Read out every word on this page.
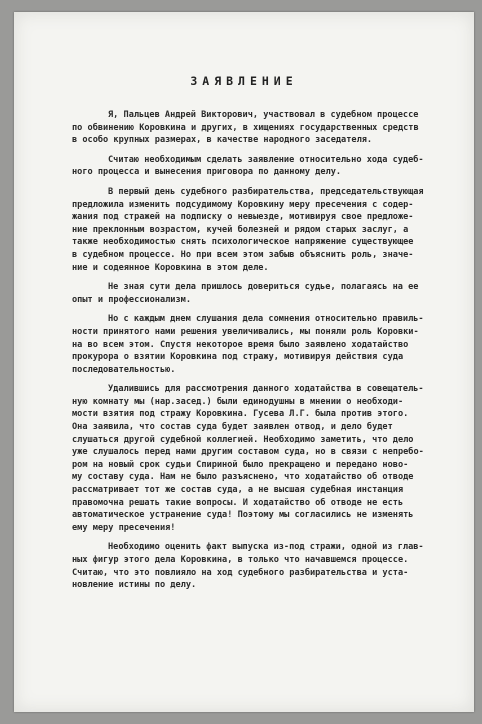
ЗАЯВЛЕНИЕ
Я, Пальцев Андрей Викторович, участвовал в судебном процессе
по обвинению Коровкина и других, в хищениях государственных средств
в особо крупных размерах, в качестве народного заседателя.
Считаю необходимым сделать заявление относительно хода судеб-
ного процесса и вынесения приговора по данному делу.
В первый день судебного разбирательства, председательствующая
предложила изменить подсудимому Коровкину меру пресечения с содер-
жания под стражей на подписку о невыезде, мотивируя свое предложе-
ние преклонным возрастом, кучей болезней и рядом старых заслуг, а
также необходимостью снять психологическое напряжение существующее
в судебном процессе. Но при всем этом забыв объяснить роль, значе-
ние и содеянное Коровкина в этом деле.
Не зная сути дела пришлось довериться судье, полагаясь на ее
опыт и профессионализм.
Но с каждым днем слушания дела сомнения относительно правиль-
ности принятого нами решения увеличивались, мы поняли роль Коровки-
на во всем этом. Спустя некоторое время было заявлено ходатайство
прокурора о взятии Коровкина под стражу, мотивируя действия суда
последовательностью.
Удалившись для рассмотрения данного ходатайства в совещатель-
ную комнату мы (нар.засед.) были единодушны в мнении о необходи-
мости взятия под стражу Коровкина. Гусева Л.Г. была против этого.
Она заявила, что состав суда будет заявлен отвод, и дело будет
слушаться другой судебной коллегией. Необходимо заметить, что дело
уже слушалось перед нами другим составом суда, но в связи с непребо-
ром на новый срок судьи Спириной было прекращено и передано ново-
му составу суда. Нам не было разъяснено, что ходатайство об отводе
рассматривает тот же состав суда, а не высшая судебная инстанция
правомочна решать такие вопросы. И ходатайство об отводе не есть
автоматическое устранение суда! Поэтому мы согласились не изменять
ему меру пресечения!
Необходимо оценить факт выпуска из-под стражи, одной из глав-
ных фигур этого дела Коровкина, в только что начавшемся процессе.
Считаю, что это повлияло на ход судебного разбирательства и уста-
новление истины по делу.
